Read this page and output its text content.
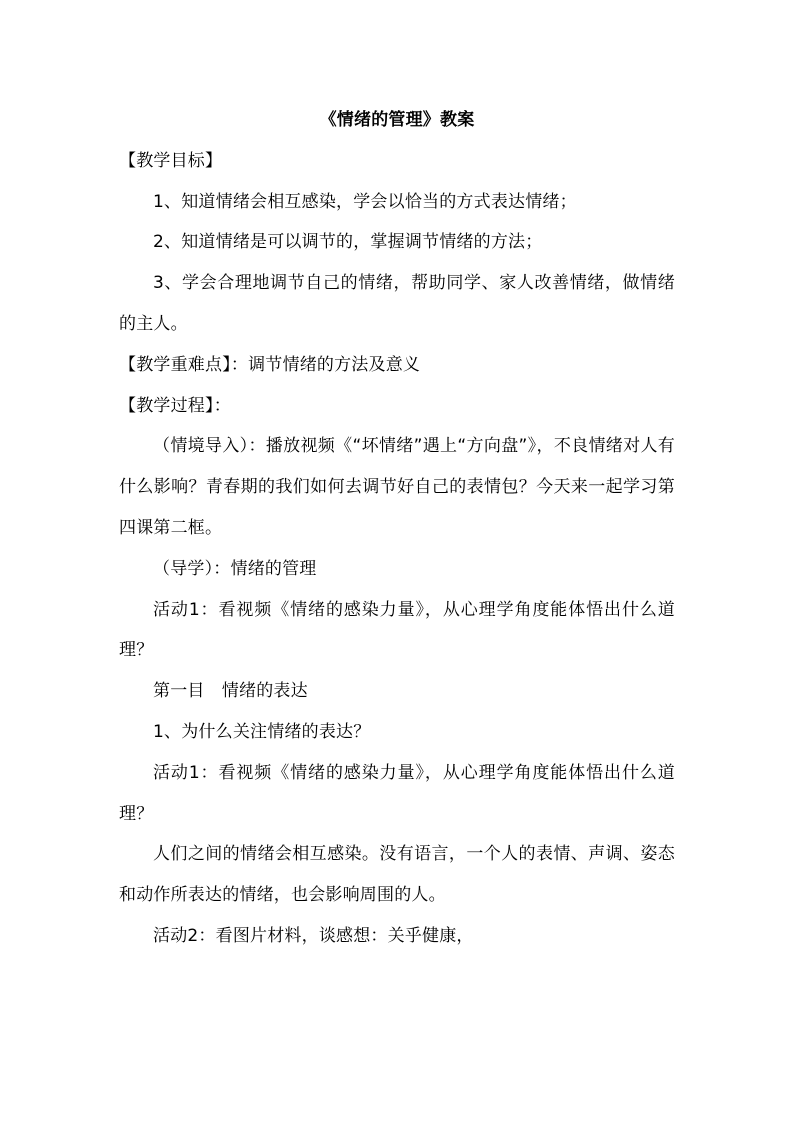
《情绪的管理》教案

【教学目标】

1、知道情绪会相互感染，学会以恰当的方式表达情绪；

2、知道情绪是可以调节的，掌握调节情绪的方法；

3、学会合理地调节自己的情绪，帮助同学、家人改善情绪，做情绪的主人。

【教学重难点】：调节情绪的方法及意义

【教学过程】：

（情境导入）：播放视频《“坏情绪”遇上“方向盘”》，不良情绪对人有什么影响？青春期的我们如何去调节好自己的表情包？今天来一起学习第四课第二框。

（导学）：情绪的管理

活动1：看视频《情绪的感染力量》，从心理学角度能体悟出什么道理？

第一目　情绪的表达

1、为什么关注情绪的表达？

活动1：看视频《情绪的感染力量》，从心理学角度能体悟出什么道理？

人们之间的情绪会相互感染。没有语言，一个人的表情、声调、姿态和动作所表达的情绪，也会影响周围的人。

活动2：看图片材料，谈感想：关乎健康，
